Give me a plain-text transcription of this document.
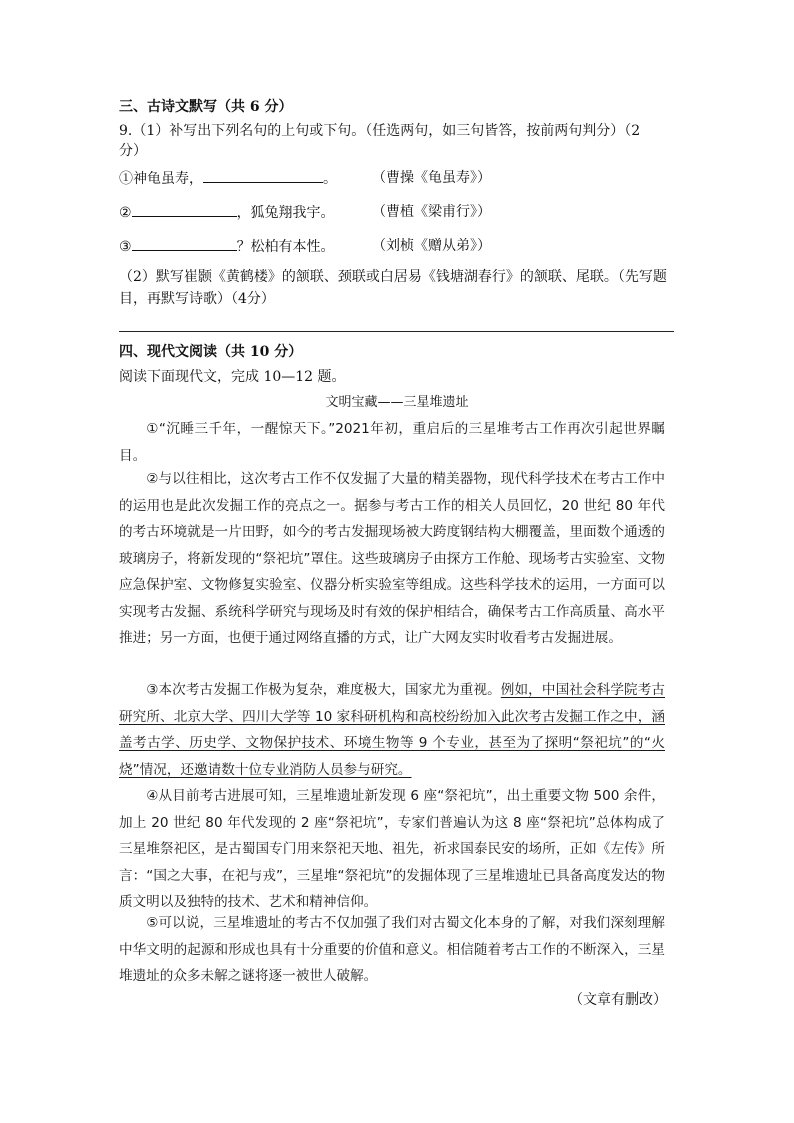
三、古诗文默写（共 6 分）
9.（1）补写出下列名句的上句或下句。（任选两句，如三句皆答，按前两句判分）（2
分）
①神龟虽寿，	。	（曹操《龟虽寿》）
②	，狐兔翔我宇。	（曹植《梁甫行》）
③	？松柏有本性。	（刘桢《赠从弟》）
（2）默写崔颢《黄鹤楼》的颔联、颈联或白居易《钱塘湖春行》的颔联、尾联。（先写题
目，再默写诗歌）（4分）
四、现代文阅读（共 10 分）
阅读下面现代文，完成 10—12 题。
文明宝藏——三星堆遗址
①“沉睡三千年，一醒惊天下。”2021年初，重启后的三星堆考古工作再次引起世界瞩目。
②与以往相比，这次考古工作不仅发掘了大量的精美器物，现代科学技术在考古工作中的运用也是此次发掘工作的亮点之一。据参与考古工作的相关人员回忆，20 世纪 80 年代的考古环境就是一片田野，如今的考古发掘现场被大跨度钢结构大棚覆盖，里面数个通透的玻璃房子，将新发现的“祭祀坑”罩住。这些玻璃房子由探方工作舱、现场考古实验室、文物应急保护室、文物修复实验室、仪器分析实验室等组成。这些科学技术的运用，一方面可以实现考古发掘、系统科学研究与现场及时有效的保护相结合，确保考古工作高质量、高水平推进；另一方面，也便于通过网络直播的方式，让广大网友实时收看考古发掘进展。
③本次考古发掘工作极为复杂，难度极大，国家尤为重视。例如，中国社会科学院考古研究所、北京大学、四川大学等 10 家科研机构和高校纷纷加入此次考古发掘工作之中，涵盖考古学、历史学、文物保护技术、环境生物等 9 个专业，甚至为了探明“祭祀坑”的“火烧”情况，还邀请数十位专业消防人员参与研究。
④从目前考古进展可知，三星堆遗址新发现 6 座“祭祀坑”，出土重要文物 500 余件，加上 20 世纪 80 年代发现的 2 座“祭祀坑”，专家们普遍认为这 8 座“祭祀坑”总体构成了三星堆祭祀区，是古蜀国专门用来祭祀天地、祖先，祈求国泰民安的场所，正如《左传》所言：“国之大事，在祀与戎”，三星堆“祭祀坑”的发掘体现了三星堆遗址已具备高度发达的物质文明以及独特的技术、艺术和精神信仰。
⑤可以说，三星堆遗址的考古不仅加强了我们对古蜀文化本身的了解，对我们深刻理解中华文明的起源和形成也具有十分重要的价值和意义。相信随着考古工作的不断深入，三星堆遗址的众多未解之谜将逐一被世人破解。
（文章有删改）
